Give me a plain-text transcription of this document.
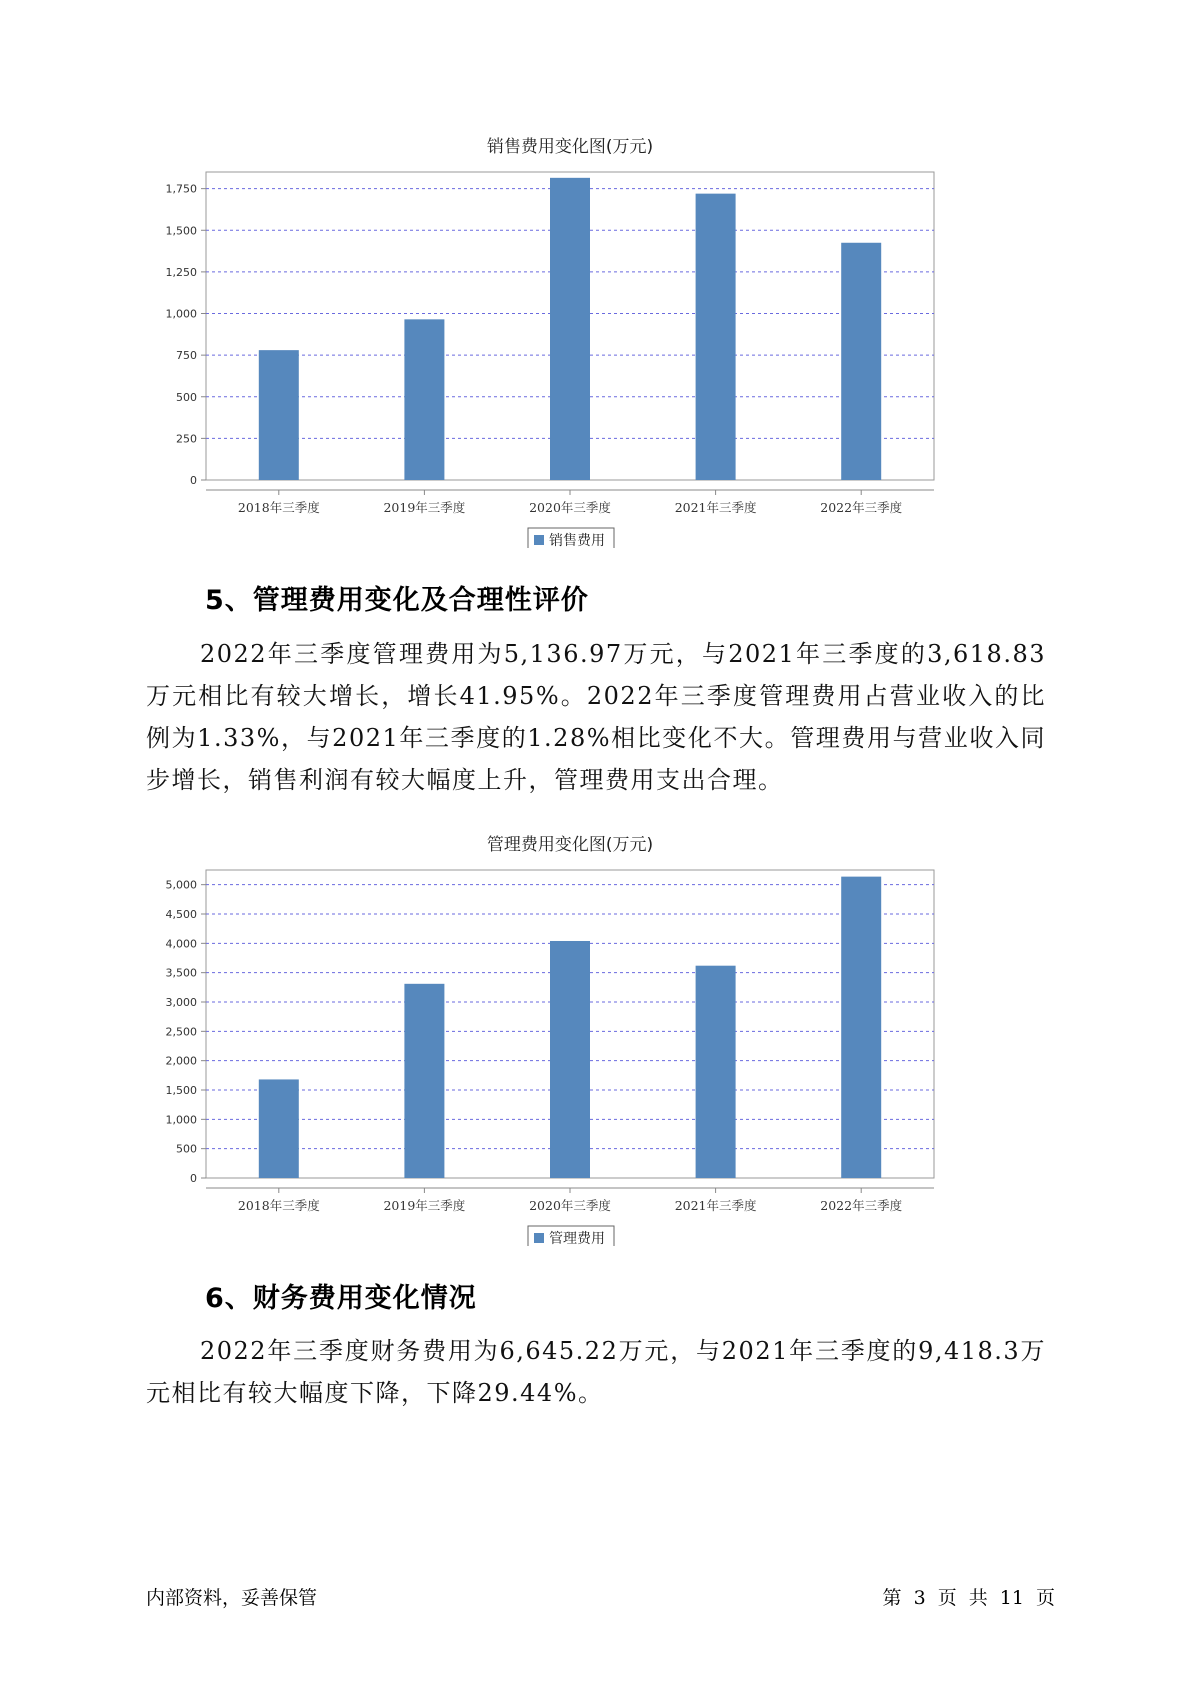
销售费用变化图(万元)
0
250
500
750
1,000
1,250
1,500
1,750
2018年三季度	2019年三季度	2020年三季度	2021年三季度	2022年三季度
销售费用
5、管理费用变化及合理性评价

2022年三季度管理费用为5,136.97万元，与2021年三季度的3,618.83万元相比有较大增长，增长41.95%。2022年三季度管理费用占营业收入的比例为1.33%，与2021年三季度的1.28%相比变化不大。管理费用与营业收入同步增长，销售利润有较大幅度上升，管理费用支出合理。

管理费用变化图(万元)
0
500
1,000
1,500
2,000
2,500
3,000
3,500
4,000
4,500
5,000
2018年三季度	2019年三季度	2020年三季度	2021年三季度	2022年三季度
管理费用
6、财务费用变化情况

2022年三季度财务费用为6,645.22万元，与2021年三季度的9,418.3万元相比有较大幅度下降，下降29.44%。

内部资料，妥善保管	第 3 页 共 11 页
